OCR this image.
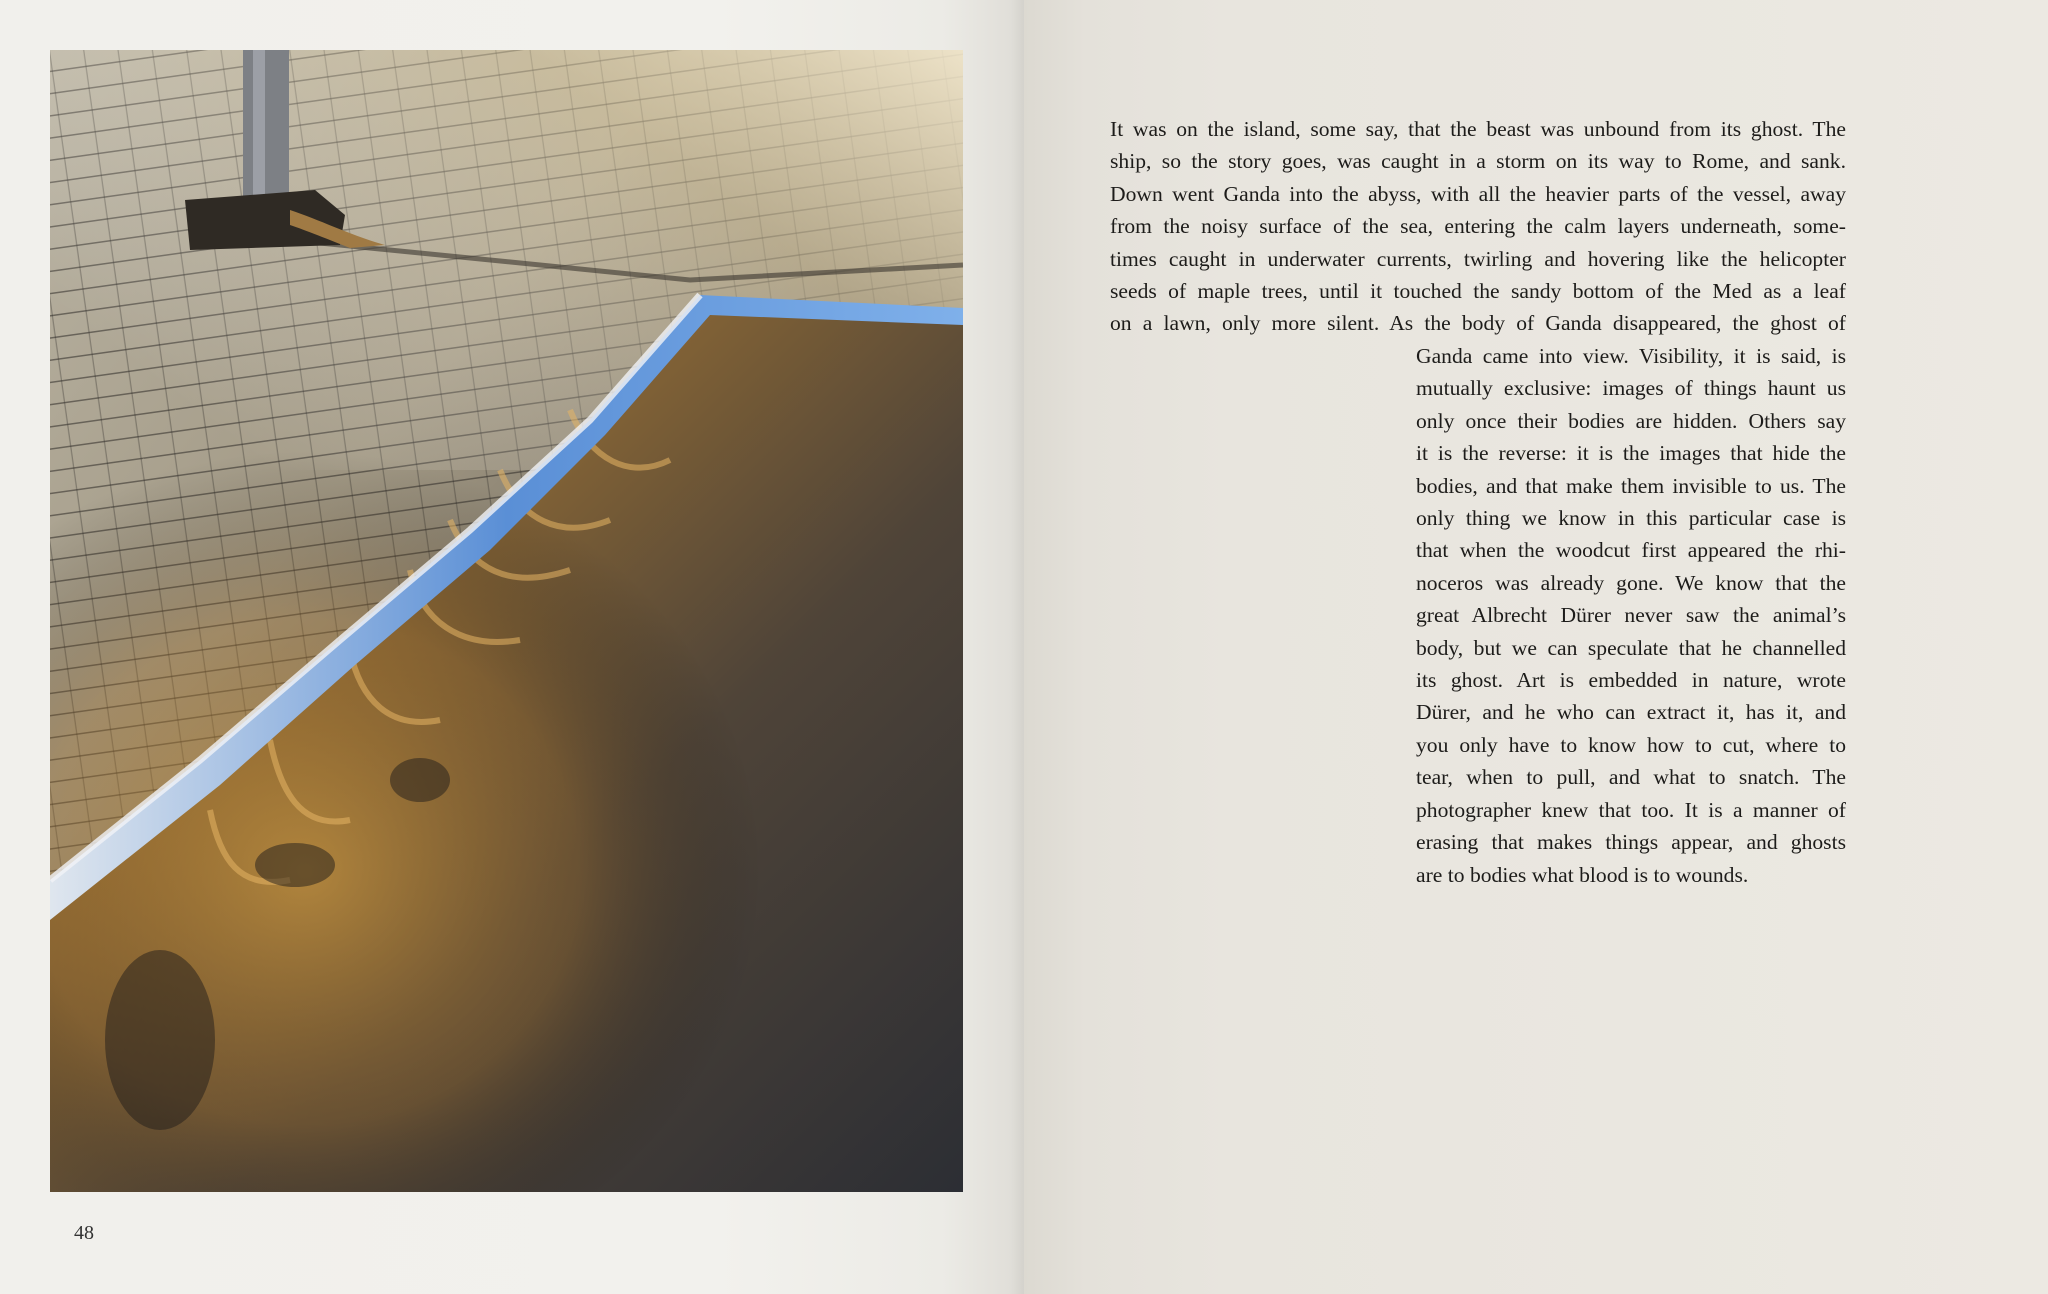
48
It was on the island, some say, that the beast was unbound from its ghost. The
ship, so the story goes, was caught in a storm on its way to Rome, and sank.
Down went Ganda into the abyss, with all the heavier parts of the vessel, away
from the noisy surface of the sea, entering the calm layers underneath, some-
times caught in underwater currents, twirling and hovering like the helicopter
seeds of maple trees, until it touched the sandy bottom of the Med as a leaf
on a lawn, only more silent. As the body of Ganda disappeared, the ghost of
Ganda came into view. Visibility, it is said, is
mutually exclusive: images of things haunt us
only once their bodies are hidden. Others say
it is the reverse: it is the images that hide the
bodies, and that make them invisible to us. The
only thing we know in this particular case is
that when the woodcut first appeared the rhi-
noceros was already gone. We know that the
great Albrecht Dürer never saw the animal’s
body, but we can speculate that he channelled
its ghost. Art is embedded in nature, wrote
Dürer, and he who can extract it, has it, and
you only have to know how to cut, where to
tear, when to pull, and what to snatch. The
photographer knew that too. It is a manner of
erasing that makes things appear, and ghosts
are to bodies what blood is to wounds.
